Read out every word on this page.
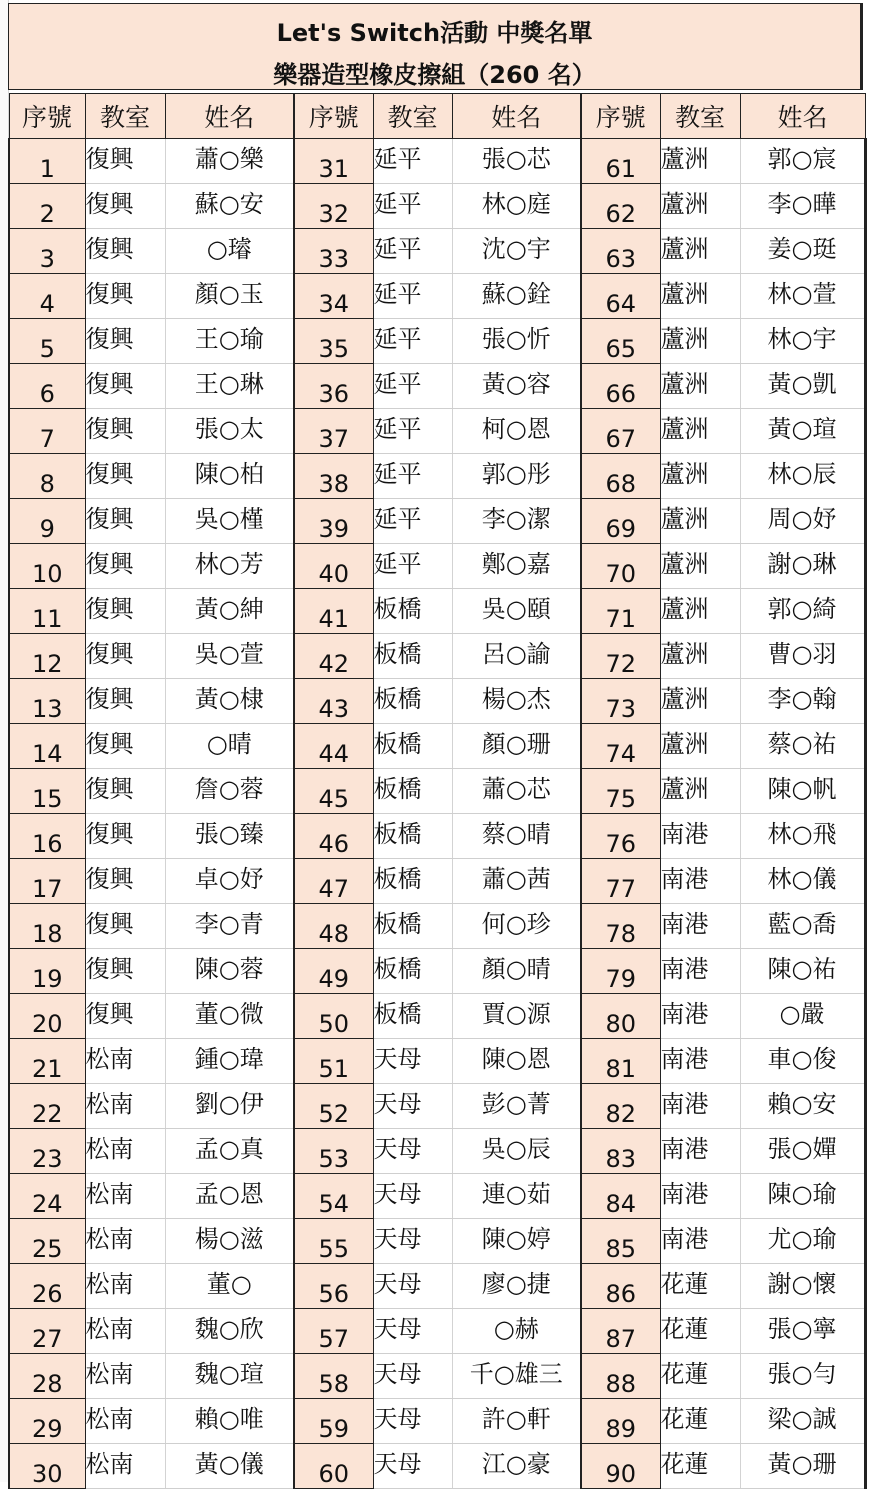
Let's Switch活動 中獎名單
樂器造型橡皮擦組（260 名）
序號	教室	姓名	序號	教室	姓名	序號	教室	姓名
1	復興	蕭○樂	31	延平	張○芯	61	蘆洲	郭○宸
2	復興	蘇○安	32	延平	林○庭	62	蘆洲	李○曄
3	復興	○璿	33	延平	沈○宇	63	蘆洲	姜○珽
4	復興	顏○玉	34	延平	蘇○銓	64	蘆洲	林○萱
5	復興	王○瑜	35	延平	張○忻	65	蘆洲	林○宇
6	復興	王○琳	36	延平	黃○容	66	蘆洲	黃○凱
7	復興	張○太	37	延平	柯○恩	67	蘆洲	黃○瑄
8	復興	陳○柏	38	延平	郭○彤	68	蘆洲	林○辰
9	復興	吳○槿	39	延平	李○潔	69	蘆洲	周○妤
10	復興	林○芳	40	延平	鄭○嘉	70	蘆洲	謝○琳
11	復興	黃○紳	41	板橋	吳○頤	71	蘆洲	郭○綺
12	復興	吳○萱	42	板橋	呂○諭	72	蘆洲	曹○羽
13	復興	黃○棣	43	板橋	楊○杰	73	蘆洲	李○翰
14	復興	○晴	44	板橋	顏○珊	74	蘆洲	蔡○祐
15	復興	詹○蓉	45	板橋	蕭○芯	75	蘆洲	陳○帆
16	復興	張○臻	46	板橋	蔡○晴	76	南港	林○飛
17	復興	卓○妤	47	板橋	蕭○茜	77	南港	林○儀
18	復興	李○青	48	板橋	何○珍	78	南港	藍○喬
19	復興	陳○蓉	49	板橋	顏○晴	79	南港	陳○祐
20	復興	董○微	50	板橋	賈○源	80	南港	○嚴
21	松南	鍾○瑋	51	天母	陳○恩	81	南港	車○俊
22	松南	劉○伊	52	天母	彭○菁	82	南港	賴○安
23	松南	孟○真	53	天母	吳○辰	83	南港	張○嬋
24	松南	孟○恩	54	天母	連○茹	84	南港	陳○瑜
25	松南	楊○滋	55	天母	陳○婷	85	南港	尤○瑜
26	松南	董○	56	天母	廖○捷	86	花蓮	謝○懷
27	松南	魏○欣	57	天母	○赫	87	花蓮	張○寧
28	松南	魏○瑄	58	天母	千○雄三	88	花蓮	張○勻
29	松南	賴○唯	59	天母	許○軒	89	花蓮	梁○誠
30	松南	黃○儀	60	天母	江○豪	90	花蓮	黃○珊
